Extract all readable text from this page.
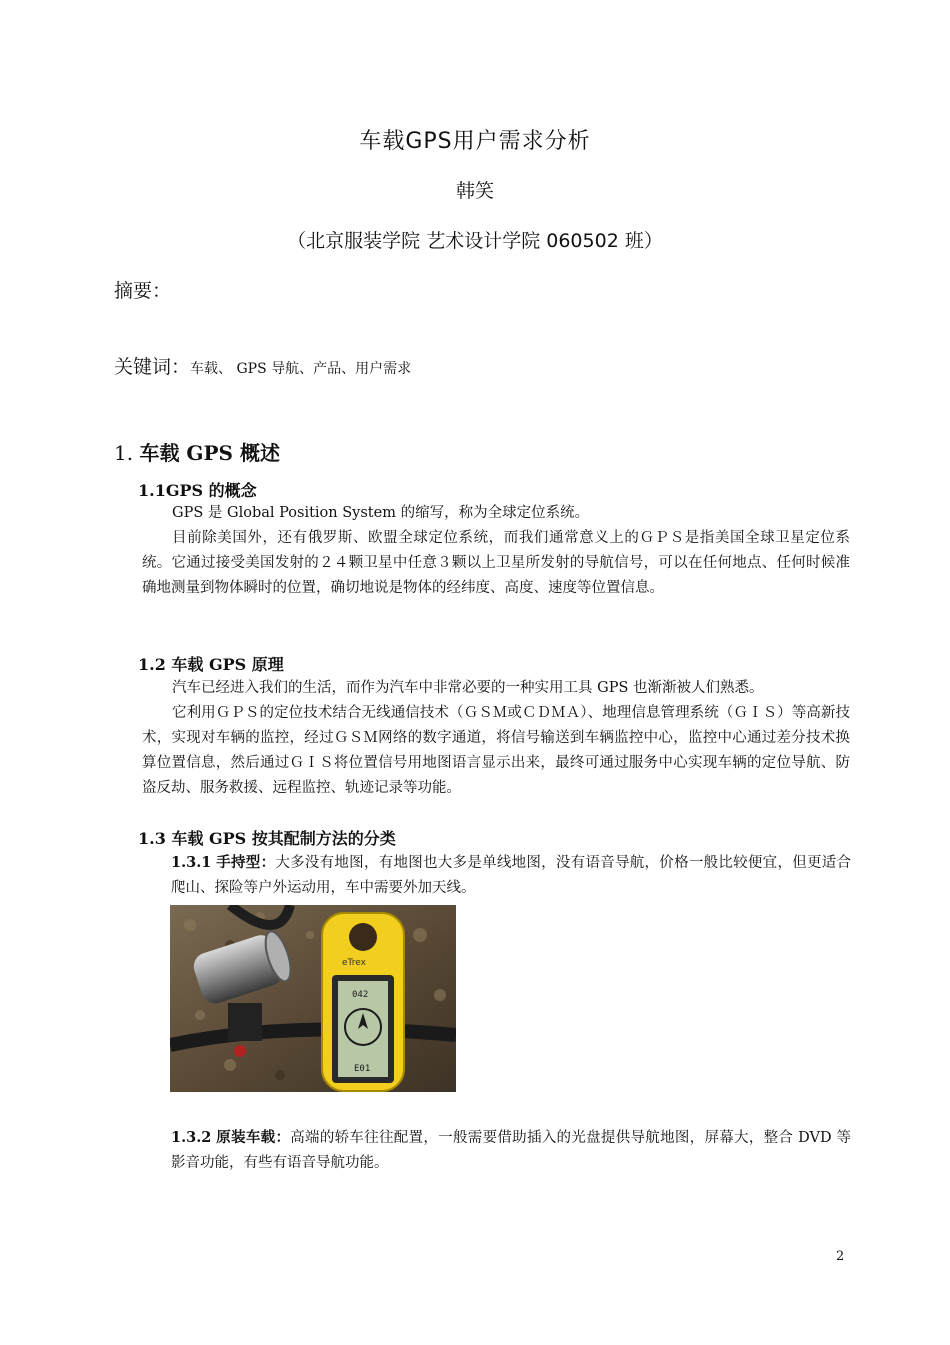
车载GPS用户需求分析
韩笑
（北京服装学院 艺术设计学院 060502 班）
摘要：
关键词：车载、 GPS 导航、产品、用户需求
1. 车载 GPS 概述
1.1GPS 的概念
GPS 是 Global Position System 的缩写，称为全球定位系统。
目前除美国外，还有俄罗斯、欧盟全球定位系统，而我们通常意义上的ＧＰＳ是指美国全球卫星定位系统。它通过接受美国发射的２４颗卫星中任意３颗以上卫星所发射的导航信号，可以在任何地点、任何时候准确地测量到物体瞬时的位置，确切地说是物体的经纬度、高度、速度等位置信息。
1.2 车载 GPS 原理
汽车已经进入我们的生活，而作为汽车中非常必要的一种实用工具 GPS 也渐渐被人们熟悉。
它利用ＧＰＳ的定位技术结合无线通信技术（ＧＳＭ或ＣＤＭＡ）、地理信息管理系统（ＧＩＳ）等高新技术，实现对车辆的监控，经过ＧＳＭ网络的数字通道，将信号输送到车辆监控中心，监控中心通过差分技术换算位置信息，然后通过ＧＩＳ将位置信号用地图语言显示出来，最终可通过服务中心实现车辆的定位导航、防盗反劫、服务救援、远程监控、轨迹记录等功能。
1.3 车载 GPS 按其配制方法的分类
1.3.1 手持型：大多没有地图，有地图也大多是单线地图，没有语音导航，价格一般比较便宜，但更适合爬山、探险等户外运动用，车中需要外加天线。
eTrex
042
E01
1.3.2 原装车载：高端的轿车往往配置，一般需要借助插入的光盘提供导航地图，屏幕大，整合 DVD 等影音功能，有些有语音导航功能。
2
